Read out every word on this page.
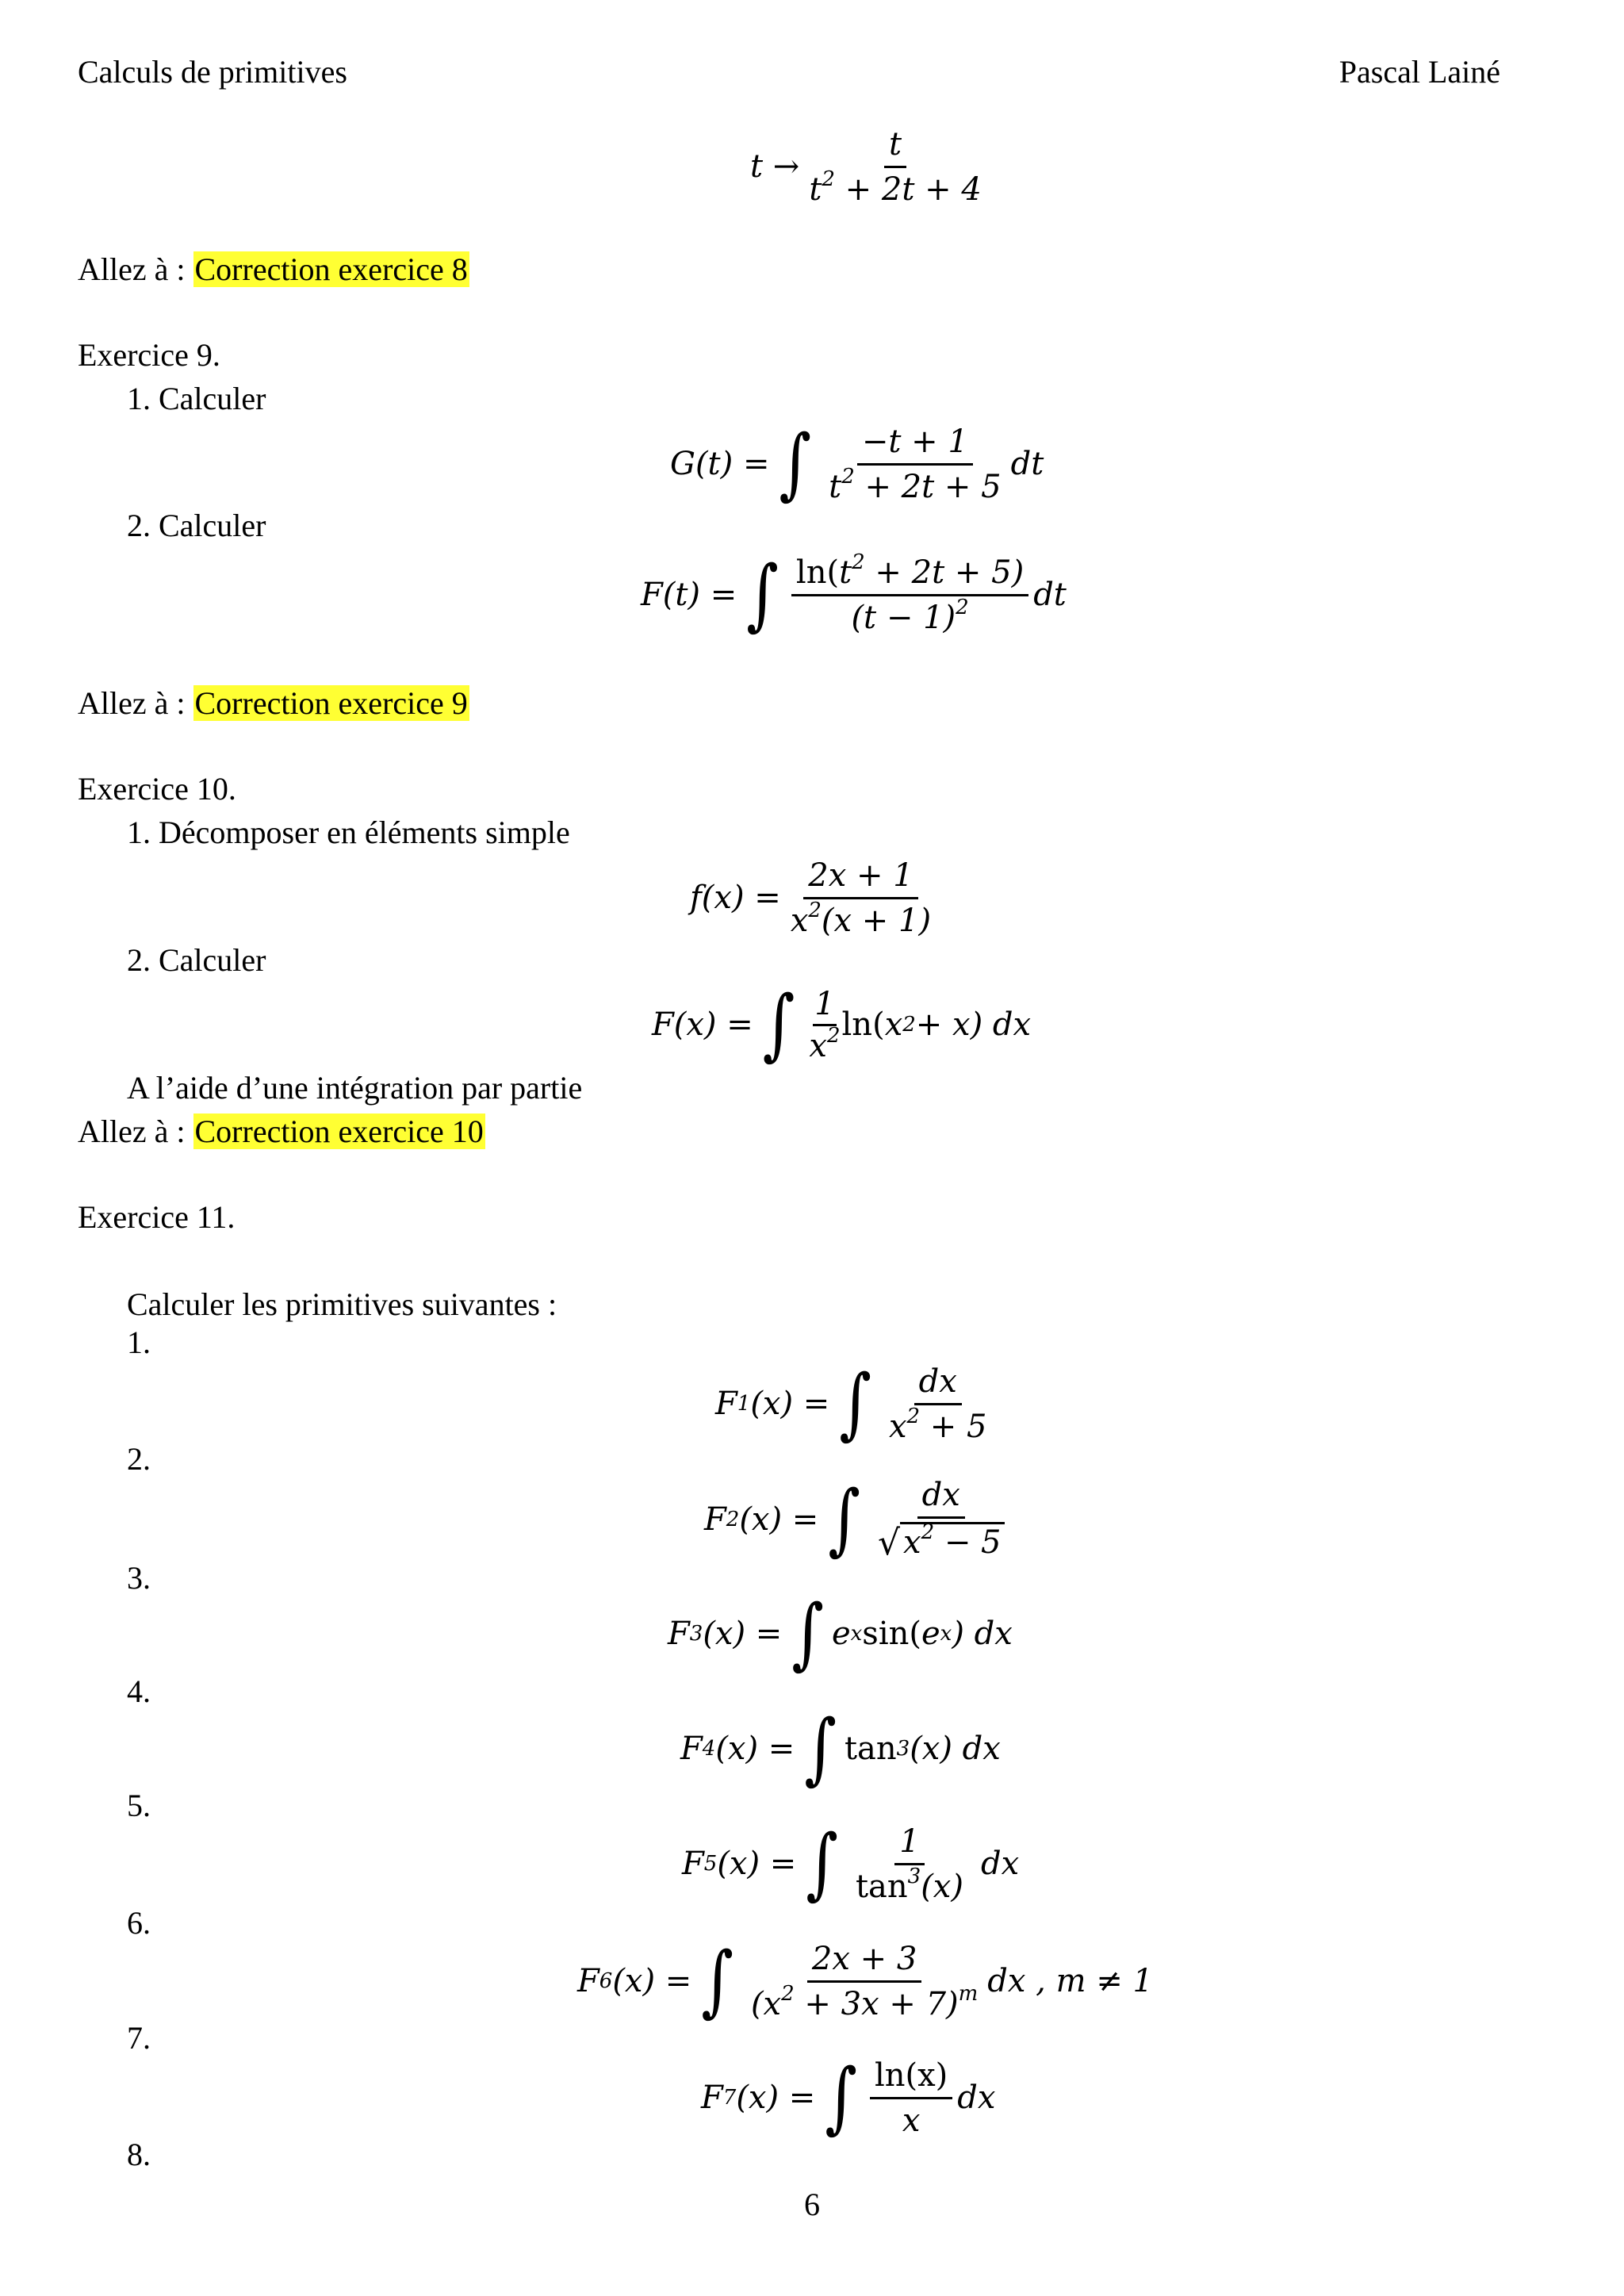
Calculs de primitives	Pascal Lainé
$t \to \frac{t}{t^2 + 2t + 4}$
Allez à : Correction exercice 8
Exercice 9.
1. Calculer
G(t) = ∫ $\frac{-t + 1}{t^2 + 2t + 5}$ dt
2. Calculer
F(t) = ∫ $\frac{\ln(t^2 + 2t + 5)}{(t - 1)^2}$ dt
Allez à : Correction exercice 9
Exercice 10.
1. Décomposer en éléments simple
$f(x) = \frac{2x + 1}{x^2(x + 1)}$
2. Calculer
F(x) = ∫ $\frac{1}{x^2} \ln$( x 2 + x) dx
A l’aide d’une intégration par partie
Allez à : Correction exercice 10
Exercice 11.
Calculer les primitives suivantes :
1.
F 1 (x) = ∫ $\frac{dx}{x^2 + 5}$
2.
F 2 (x) = ∫ $\frac{dx}{√ x^2 - 5}$
3.
F 3 (x) = ∫ e x sin( e x ) dx
4.
F 4 (x) = ∫ tan 3 (x) dx
5.
F 5 (x) = ∫ $\frac{1}{\tan^3(x)}$ dx
6.
F 6 (x) = ∫ $\frac{2x + 3}{(x^2 + 3x + 7)^m}$ dx , m ≠ 1
7.
F 7 (x) = ∫ $\frac{\ln(x)}{x}$ dx
8.
6
